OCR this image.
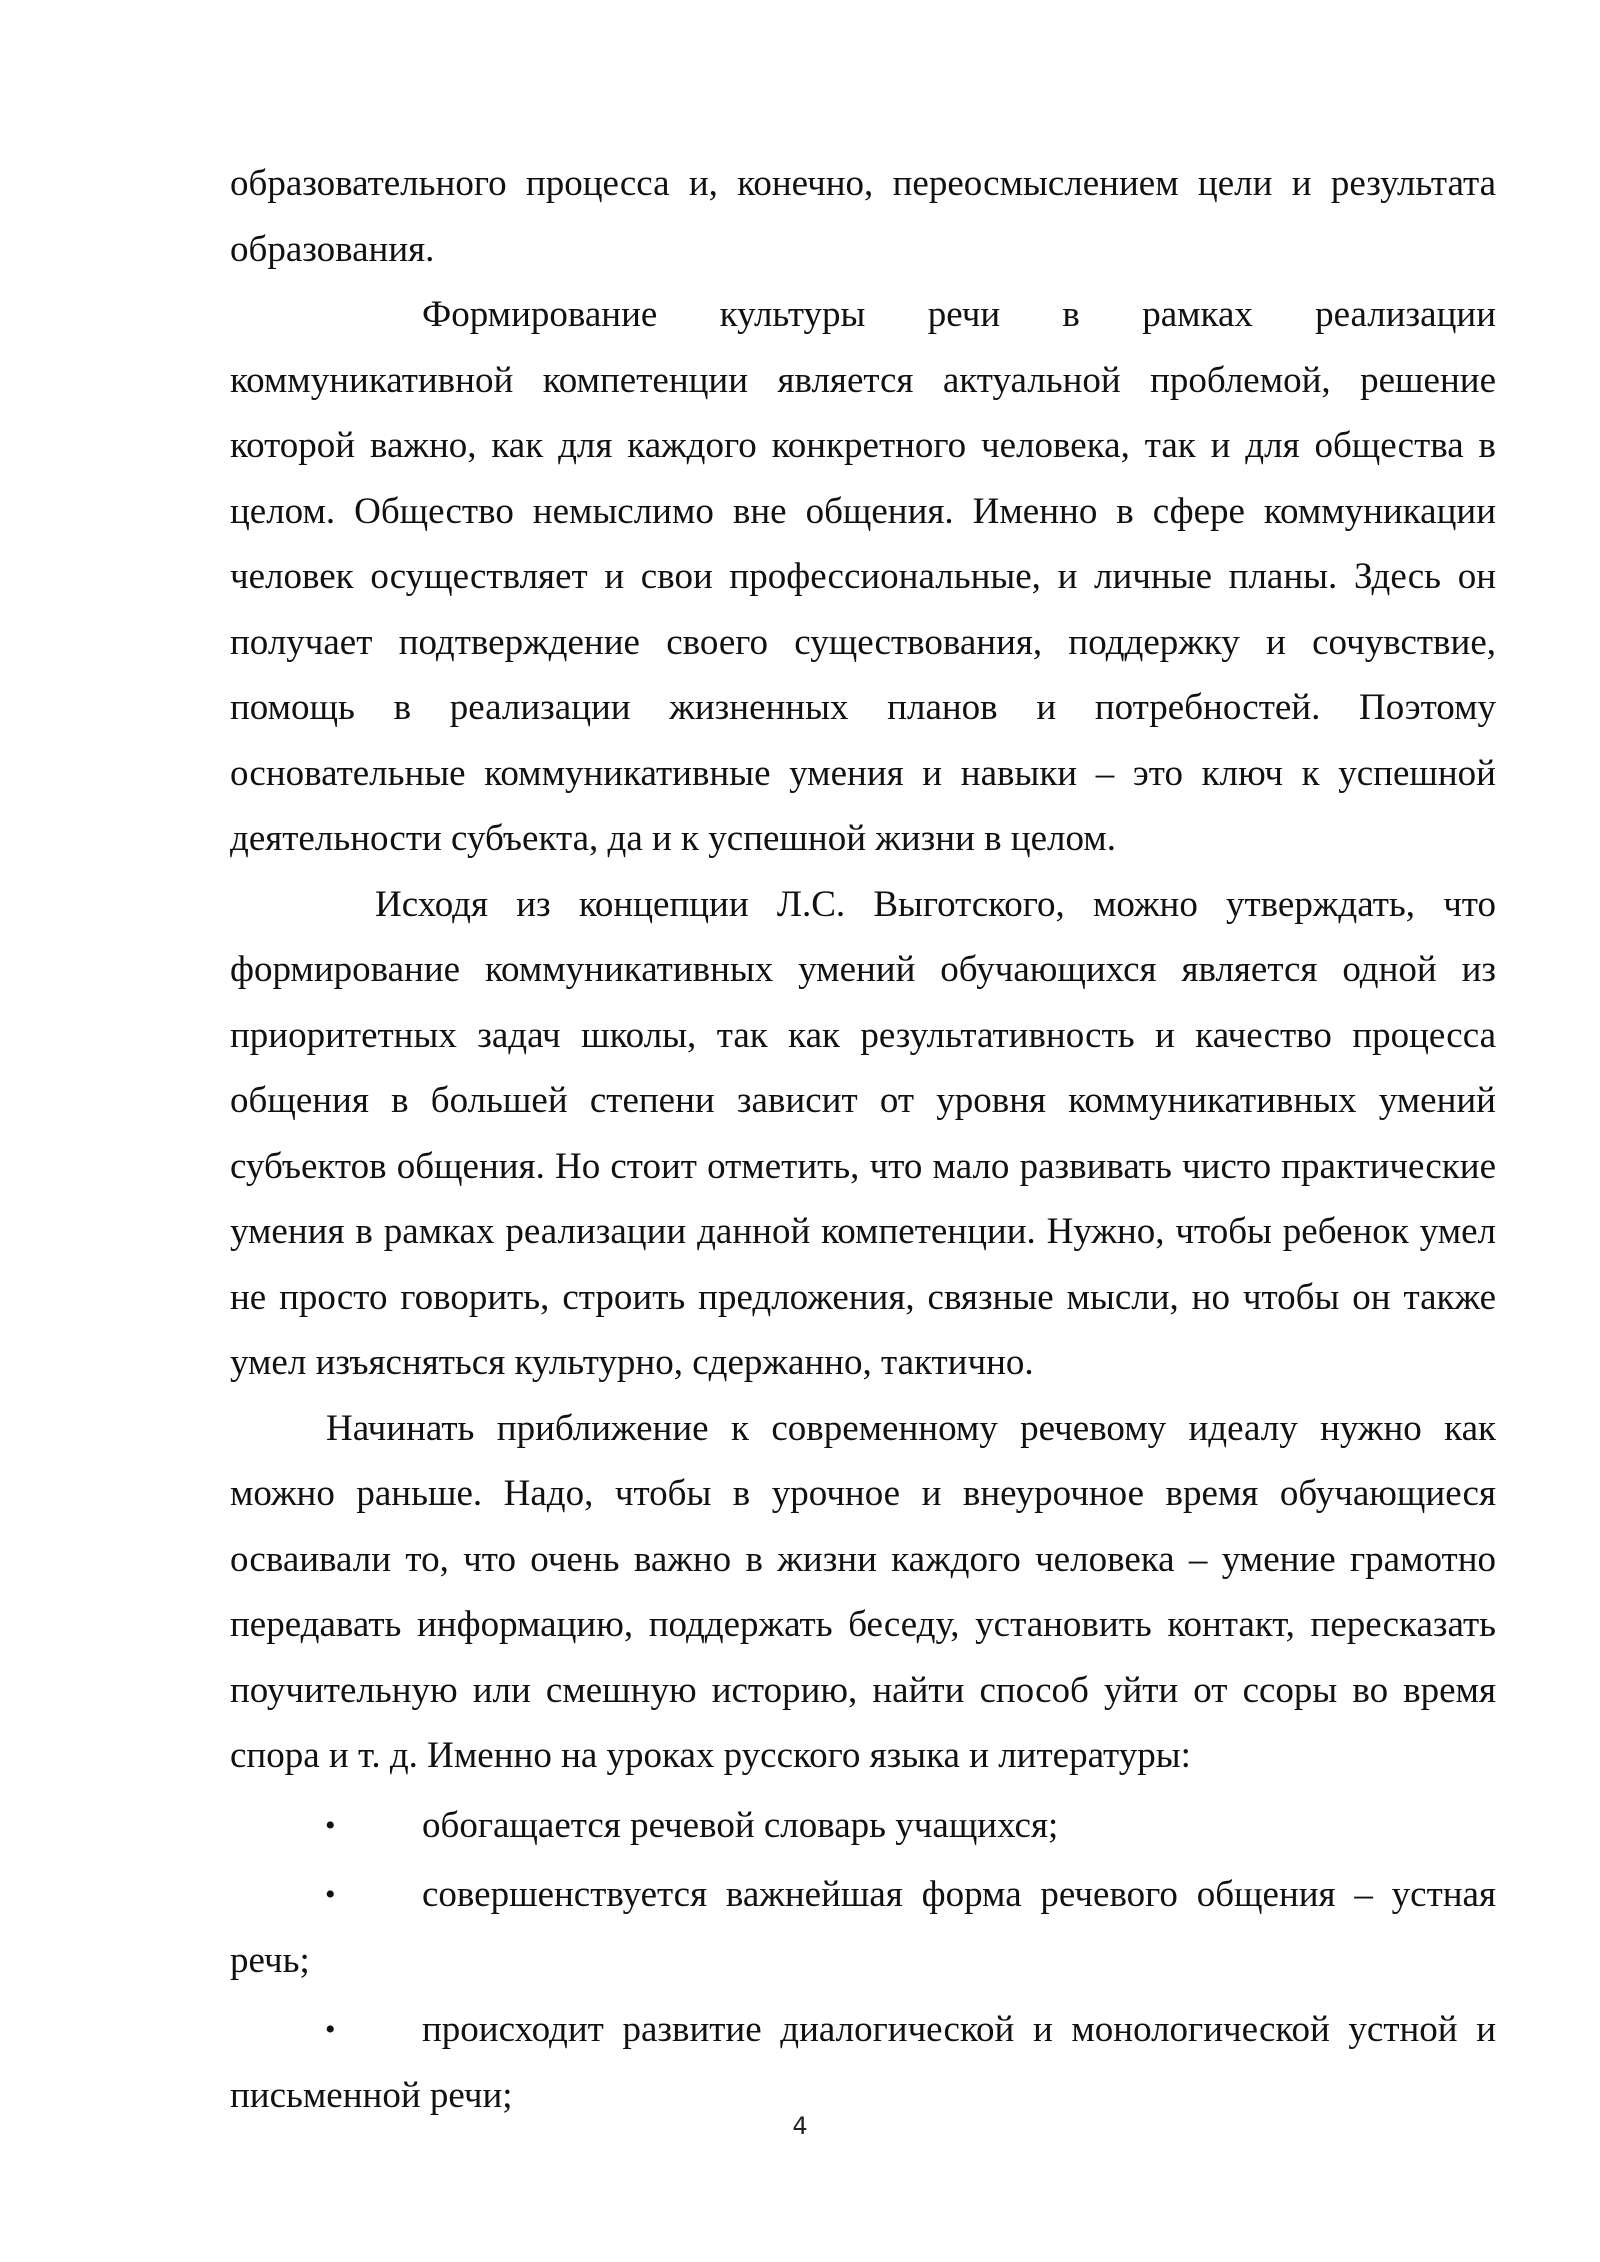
образовательного процесса и, конечно, переосмыслением цели и результата образования.

Формирование культуры речи в рамках реализации коммуникативной компетенции является актуальной проблемой, решение которой важно, как для каждого конкретного человека, так и для общества в целом. Общество немыслимо вне общения. Именно в сфере коммуникации человек осуществляет и свои профессиональные, и личные планы. Здесь он получает подтверждение своего существования, поддержку и сочувствие, помощь в реализации жизненных планов и потребностей. Поэтому основательные коммуникативные умения и навыки – это ключ к успешной деятельности субъекта, да и к успешной жизни в целом.

Исходя из концепции Л.С. Выготского, можно утверждать, что формирование коммуникативных умений обучающихся является одной из приоритетных задач школы, так как результативность и качество процесса общения в большей степени зависит от уровня коммуникативных умений субъектов общения. Но стоит отметить, что мало развивать чисто практические умения в рамках реализации данной компетенции. Нужно, чтобы ребенок умел не просто говорить, строить предложения, связные мысли, но чтобы он также умел изъясняться культурно, сдержанно, тактично.

Начинать приближение к современному речевому идеалу нужно как можно раньше. Надо, чтобы в урочное и внеурочное время обучающиеся осваивали то, что очень важно в жизни каждого человека – умение грамотно передавать информацию, поддержать беседу, установить контакт, пересказать поучительную или смешную историю, найти способ уйти от ссоры во время спора и т. д. Именно на уроках русского языка и литературы:

• обогащается речевой словарь учащихся;
• совершенствуется важнейшая форма речевого общения – устная речь;
• происходит развитие диалогической и монологической устной и письменной речи;
4
